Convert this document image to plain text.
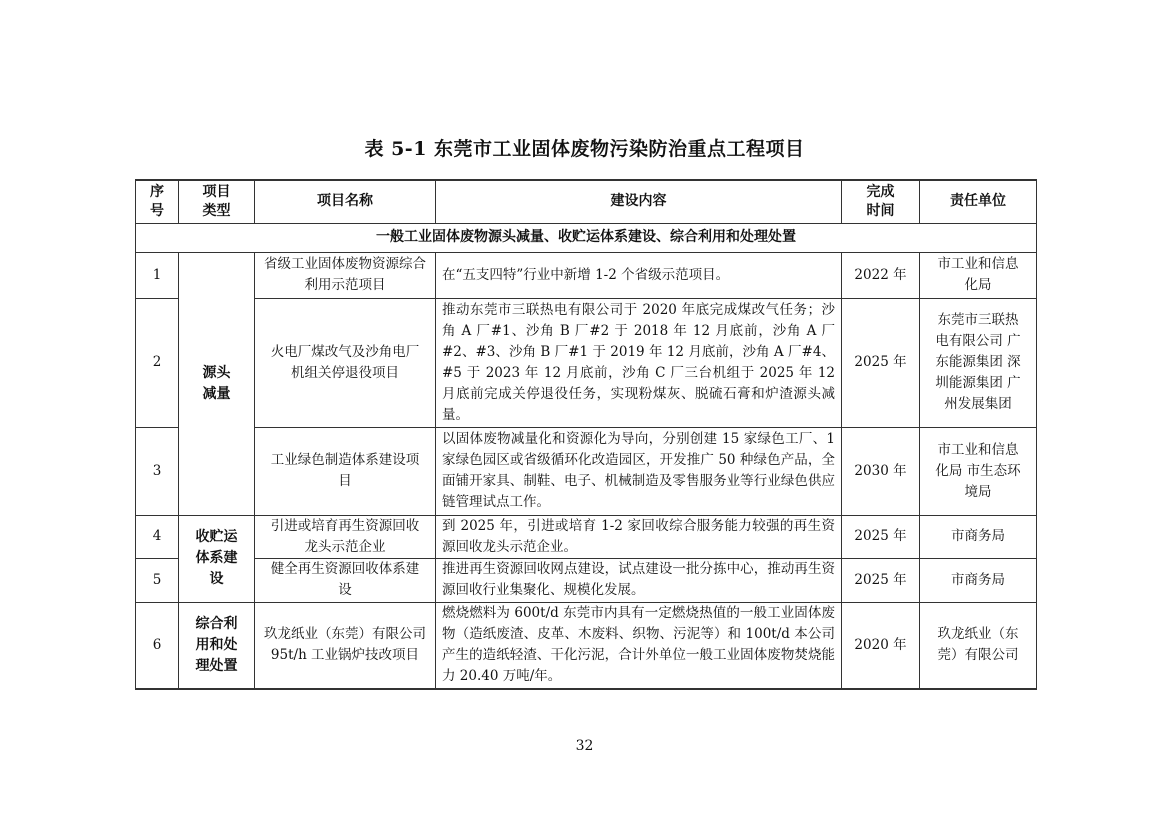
表 5-1 东莞市工业固体废物污染防治重点工程项目
序号	项目类型	项目名称	建设内容	完成时间	责任单位
一般工业固体废物源头减量、收贮运体系建设、综合利用和处理处置					
1	源头减量	省级工业固体废物资源综合利用示范项目	在“五支四特”行业中新增 1-2 个省级示范项目。	2022 年	市工业和信息化局
2		火电厂煤改气及沙角电厂机组关停退役项目	推动东莞市三联热电有限公司于 2020 年底完成煤改气任务；沙角 A 厂#1、沙角 B 厂#2 于 2018 年 12 月底前，沙角 A 厂#2、#3、沙角 B 厂#1 于 2019 年 12 月底前，沙角 A 厂#4、#5 于 2023 年 12 月底前，沙角 C 厂三台机组于 2025 年 12 月底前完成关停退役任务，实现粉煤灰、脱硫石膏和炉渣源头减量。	2025 年	东莞市三联热电有限公司 广东能源集团 深圳能源集团 广州发展集团
3		工业绿色制造体系建设项目	以固体废物减量化和资源化为导向，分别创建 15 家绿色工厂、1 家绿色园区或省级循环化改造园区，开发推广 50 种绿色产品，全面铺开家具、制鞋、电子、机械制造及零售服务业等行业绿色供应链管理试点工作。	2030 年	市工业和信息化局 市生态环境局
4	收贮运体系建设	引进或培育再生资源回收龙头示范企业	到 2025 年，引进或培育 1-2 家回收综合服务能力较强的再生资源回收龙头示范企业。	2025 年	市商务局
5		健全再生资源回收体系建设	推进再生资源回收网点建设，试点建设一批分拣中心，推动再生资源回收行业集聚化、规模化发展。	2025 年	市商务局
6	综合利用和处理处置	玖龙纸业（东莞）有限公司 95t/h 工业锅炉技改项目	燃烧燃料为 600t/d 东莞市内具有一定燃烧热值的一般工业固体废物（造纸废渣、皮革、木废料、织物、污泥等）和 100t/d 本公司产生的造纸轻渣、干化污泥，合计外单位一般工业固体废物焚烧能力 20.40 万吨/年。	2020 年	玖龙纸业（东莞）有限公司
32
